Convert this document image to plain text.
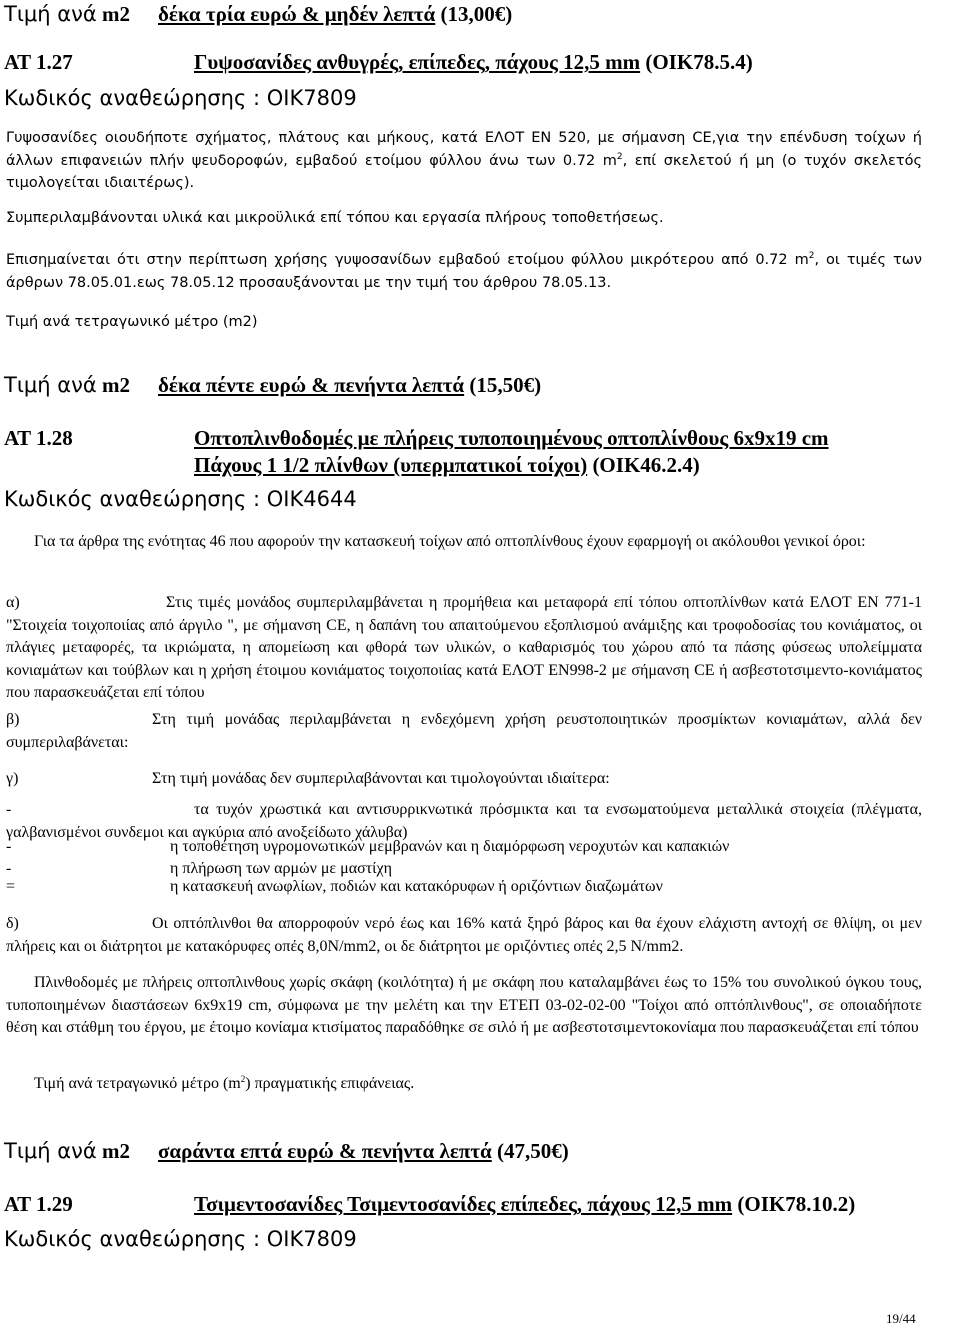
Τιμή ανά m2 δέκα τρία ευρώ & μηδέν λεπτά (13,00€)
ΑΤ 1.27	Γυψοσανίδες ανθυγρές, επίπεδες, πάχους 12,5 mm (ΟΙΚ78.5.4)
Κωδικός αναθεώρησης : ΟΙΚ7809
Γυψοσανίδες οιουδήποτε σχήματος, πλάτους και μήκους, κατά ΕΛΟΤ ΕΝ 520, με σήμανση CE,για την επένδυση τοίχων ή άλλων επιφανειών πλήν ψευδοροφών, εμβαδού ετοίμου φύλλου άνω των 0.72 $m^2$, επί σκελετού ή μη (ο τυχόν σκελετός τιμολογείται ιδιαιτέρως).
Συμπεριλαμβάνονται υλικά και μικροϋλικά επί τόπου και εργασία πλήρους τοποθετήσεως.
Επισημαίνεται ότι στην περίπτωση χρήσης γυψοσανίδων εμβαδού ετοίμου φύλλου μικρότερου από 0.72 $m^2$, οι τιμές των άρθρων 78.05.01.εως 78.05.12 προσαυξάνονται με την τιμή του άρθρου 78.05.13.
Τιμή ανά τετραγωνικό μέτρο (m2)
Τιμή ανά m2 δέκα πέντε ευρώ & πενήντα λεπτά (15,50€)
ΑΤ 1.28	Οπτοπλινθοδομές με πλήρεις τυποποιημένους οπτοπλίνθους 6x9x19 cm
Πάχους 1 1/2 πλίνθων (υπερμπατικοί τοίχοι) (ΟΙΚ46.2.4)
Κωδικός αναθεώρησης : ΟΙΚ4644
Για τα άρθρα της ενότητας 46 που αφορούν την κατασκευή τοίχων από οπτοπλίνθους έχουν εφαρμογή οι ακόλουθοι γενικοί όροι:
α)	Στις τιμές μονάδος συμπεριλαμβάνεται η προμήθεια και μεταφορά επί τόπου οπτοπλίνθων κατά ΕΛΟΤ ΕΝ 771-1 "Στοιχεία τοιχοποιίας από άργιλο ", με σήμανση CE, η δαπάνη του απαιτούμενου εξοπλισμού ανάμιξης και τροφοδοσίας του κονιάματος, οι πλάγιες μεταφορές, τα ικριώματα, η απομείωση και φθορά των υλικών, ο καθαρισμός του χώρου από τα πάσης φύσεως υπολείμματα κονιαμάτων και τούβλων και η χρήση έτοιμου κονιάματος τοιχοποιίας κατά ΕΛΟΤ ΕΝ998-2 με σήμανση CE ή ασβεστοτσιμεντο-κονιάματος που παρασκευάζεται επί τόπου
β)	Στη τιμή μονάδας περιλαμβάνεται η ενδεχόμενη χρήση ρευστοποιητικών προσμίκτων κονιαμάτων, αλλά δεν συμπεριλαβάνεται:
γ)	Στη τιμή μονάδας δεν συμπεριλαβάνονται και τιμολογούνται ιδιαίτερα:
-	τα τυχόν χρωστικά και αντισυρρικνωτικά πρόσμικτα και τα ενσωματούμενα μεταλλικά στοιχεία (πλέγματα, γαλβανισμένοι συνδεμοι και αγκύρια από ανοξείδωτο χάλυβα)
-	η τοποθέτηση υγρομονωτικών μεμβρανών και η διαμόρφωση νεροχυτών και καπακιών
-	η πλήρωση των αρμών με μαστίχη
=	η κατασκευή ανωφλίων, ποδιών και κατακόρυφων ή οριζόντιων διαζωμάτων
δ)	Οι οπτόπλινθοι θα απορροφούν νερό έως και 16% κατά ξηρό βάρος και θα έχουν ελάχιστη αντοχή σε θλίψη, οι μεν πλήρεις και οι διάτρητοι με κατακόρυφες οπές 8,0N/mm2, οι δε διάτρητοι με οριζόντιες οπές 2,5 N/mm2.
Πλινθοδομές με πλήρεις οπτοπλινθους χωρίς σκάφη (κοιλότητα) ή με σκάφη που καταλαμβάνει έως το 15% του συνολικού όγκου τους, τυποποιημένων διαστάσεων 6x9x19 cm, σύμφωνα με την μελέτη και την ΕΤΕΠ 03-02-02-00 "Τοίχοι από οπτόπλινθους", σε οποιαδήποτε θέση και στάθμη του έργου, με έτοιμο κονίαμα κτισίματος παραδόθηκε σε σιλό ή με ασβεστοτσιμεντοκονίαμα που παρασκευάζεται επί τόπου
Τιμή ανά τετραγωνικό μέτρο $(m^2)$ πραγματικής επιφάνειας.
Τιμή ανά m2 σαράντα επτά ευρώ & πενήντα λεπτά (47,50€)
ΑΤ 1.29	Τσιμεντοσανίδες Τσιμεντοσανίδες επίπεδες, πάχους 12,5 mm (ΟΙΚ78.10.2)
Κωδικός αναθεώρησης : ΟΙΚ7809
19/44
